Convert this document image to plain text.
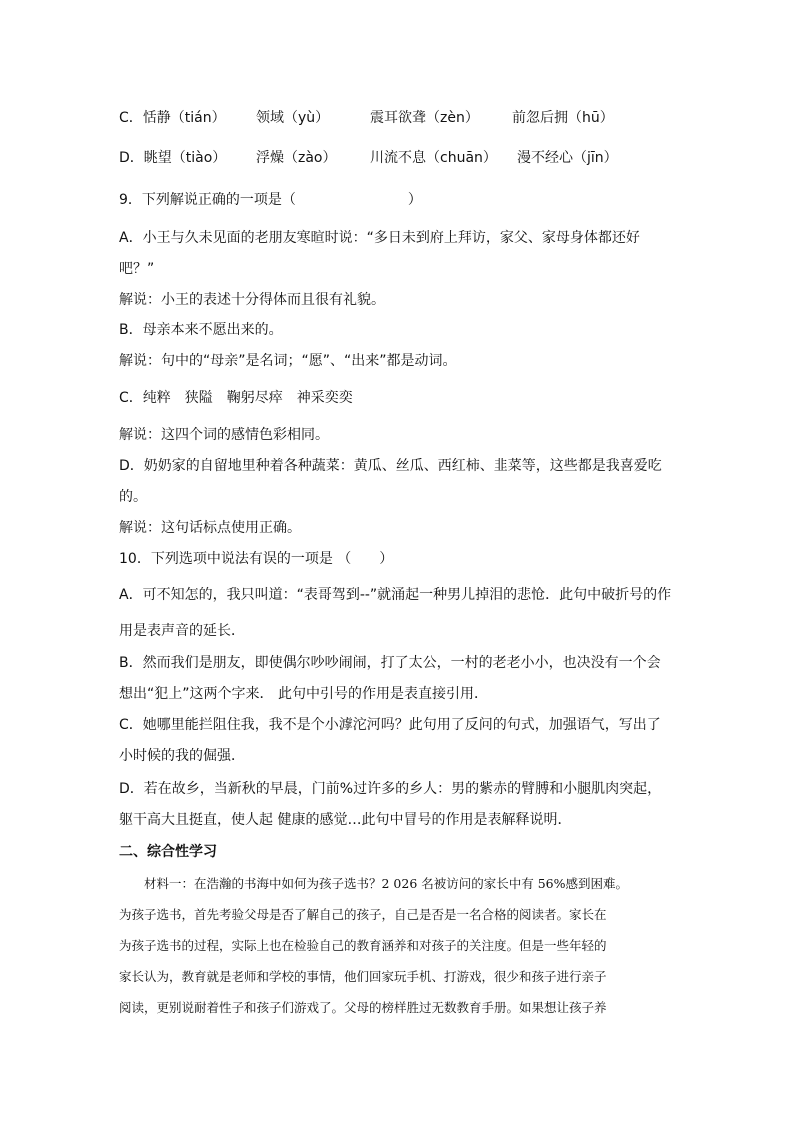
C．恬静（tián） 领域（yù）	震耳欲聋（zèn） 前忽后拥（hū）
D．眺望（tiào） 浮燥（zào） 川流不息（chuān） 漫不经心（jīn）
9．下列解说正确的一项是（　　　　　　　　）
A．小王与久未见面的老朋友寒暄时说：“多日未到府上拜访，家父、家母身体都还好
吧？”
解说：小王的表述十分得体而且很有礼貌。
B．母亲本来不愿出来的。
解说：句中的“母亲”是名词；“愿”、“出来”都是动词。
C．纯粹　狭隘　鞠躬尽瘁　神采奕奕
解说：这四个词的感情色彩相同。
D．奶奶家的自留地里种着各种蔬菜：黄瓜、丝瓜、西红柿、韭菜等，这些都是我喜爱吃
的。
解说：这句话标点使用正确。
10．下列选项中说法有误的一项是 （　　）
A．可不知怎的，我只叫道：“表哥驾到--”就涌起一种男儿掉泪的悲怆．此句中破折号的作
用是表声音的延长．
B．然而我们是朋友，即使偶尔吵吵闹闹，打了太公，一村的老老小小，也决没有一个会
想出“犯上”这两个字来． 此句中引号的作用是表直接引用．
C．她哪里能拦阻住我，我不是个小滹沱河吗？此句用了反问的句式，加强语气，写出了
小时候的我的倔强．
D．若在故乡，当新秋的早晨，门前%过许多的乡人：男的紫赤的臂膊和小腿肌肉突起，
躯干高大且挺直，使人起 健康的感觉…此句中冒号的作用是表解释说明．
二、综合性学习
　　材料一：在浩瀚的书海中如何为孩子选书？2 026 名被访问的家长中有 56%感到困难。
为孩子选书，首先考验父母是否了解自己的孩子，自己是否是一名合格的阅读者。家长在
为孩子选书的过程，实际上也在检验自己的教育涵养和对孩子的关注度。但是一些年轻的
家长认为，教育就是老师和学校的事情，他们回家玩手机、打游戏，很少和孩子进行亲子
阅读，更别说耐着性子和孩子们游戏了。父母的榜样胜过无数教育手册。如果想让孩子养
